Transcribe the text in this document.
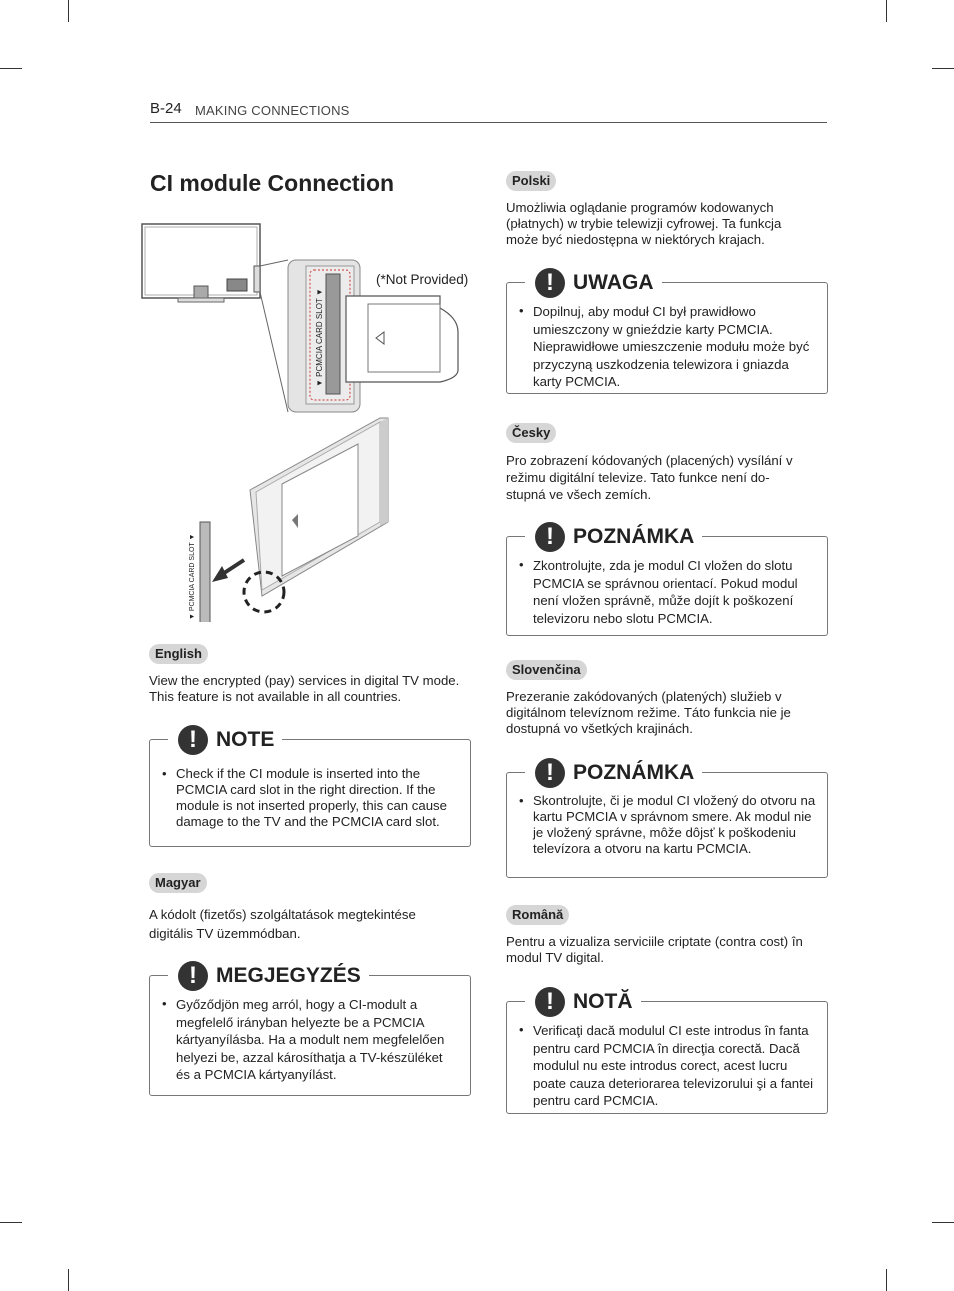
B-24 MAKING CONNECTIONS
CI module Connection
▼ PCMCIA CARD SLOT ▼
(*Not Provided)
▼ PCMCIA CARD SLOT ▼
English
View the encrypted (pay) services in digital TV mode. This feature is not available in all countries.
! NOTE
• Check if the CI module is inserted into the PCMCIA card slot in the right direction. If the module is not inserted properly, this can cause damage to the TV and the PCMCIA card slot.
Magyar
A kódolt (fizetős) szolgáltatások megtekintése digitális TV üzemmódban.
! MEGJEGYZÉS
• Győződjön meg arról, hogy a CI-modult a megfelelő irányban helyezte be a PCMCIA kártyanyílásba. Ha a modult nem megfelelően helyezi be, azzal károsíthatja a TV-készüléket és a PCMCIA kártyanyílást.
Polski
Umożliwia oglądanie programów kodowanych (płatnych) w trybie telewizji cyfrowej. Ta funkcja może być niedostępna w niektórych krajach.
! UWAGA
• Dopilnuj, aby moduł CI był prawidłowo umieszczony w gnieździe karty PCMCIA. Nieprawidłowe umieszczenie modułu może być przyczyną uszkodzenia telewizora i gniazda karty PCMCIA.
Česky
Pro zobrazení kódovaných (placených) vysílání v režimu digitální televize. Tato funkce není do-stupná ve všech zemích.
! POZNÁMKA
• Zkontrolujte, zda je modul CI vložen do slotu PCMCIA se správnou orientací. Pokud modul není vložen správně, může dojít k poškození televizoru nebo slotu PCMCIA.
Slovenčina
Prezeranie zakódovaných (platených) služieb v digitálnom televíznom režime. Táto funkcia nie je dostupná vo všetkých krajinách.
! POZNÁMKA
• Skontrolujte, či je modul CI vložený do otvoru na kartu PCMCIA v správnom smere. Ak modul nie je vložený správne, môže dôjsť k poškodeniu televízora a otvoru na kartu PCMCIA.
Română
Pentru a vizualiza serviciile criptate (contra cost) în modul TV digital.
! NOTĂ
• Verificaţi dacă modulul CI este introdus în fanta pentru card PCMCIA în direcţia corectă. Dacă modulul nu este introdus corect, acest lucru poate cauza deteriorarea televizorului şi a fantei pentru card PCMCIA.
